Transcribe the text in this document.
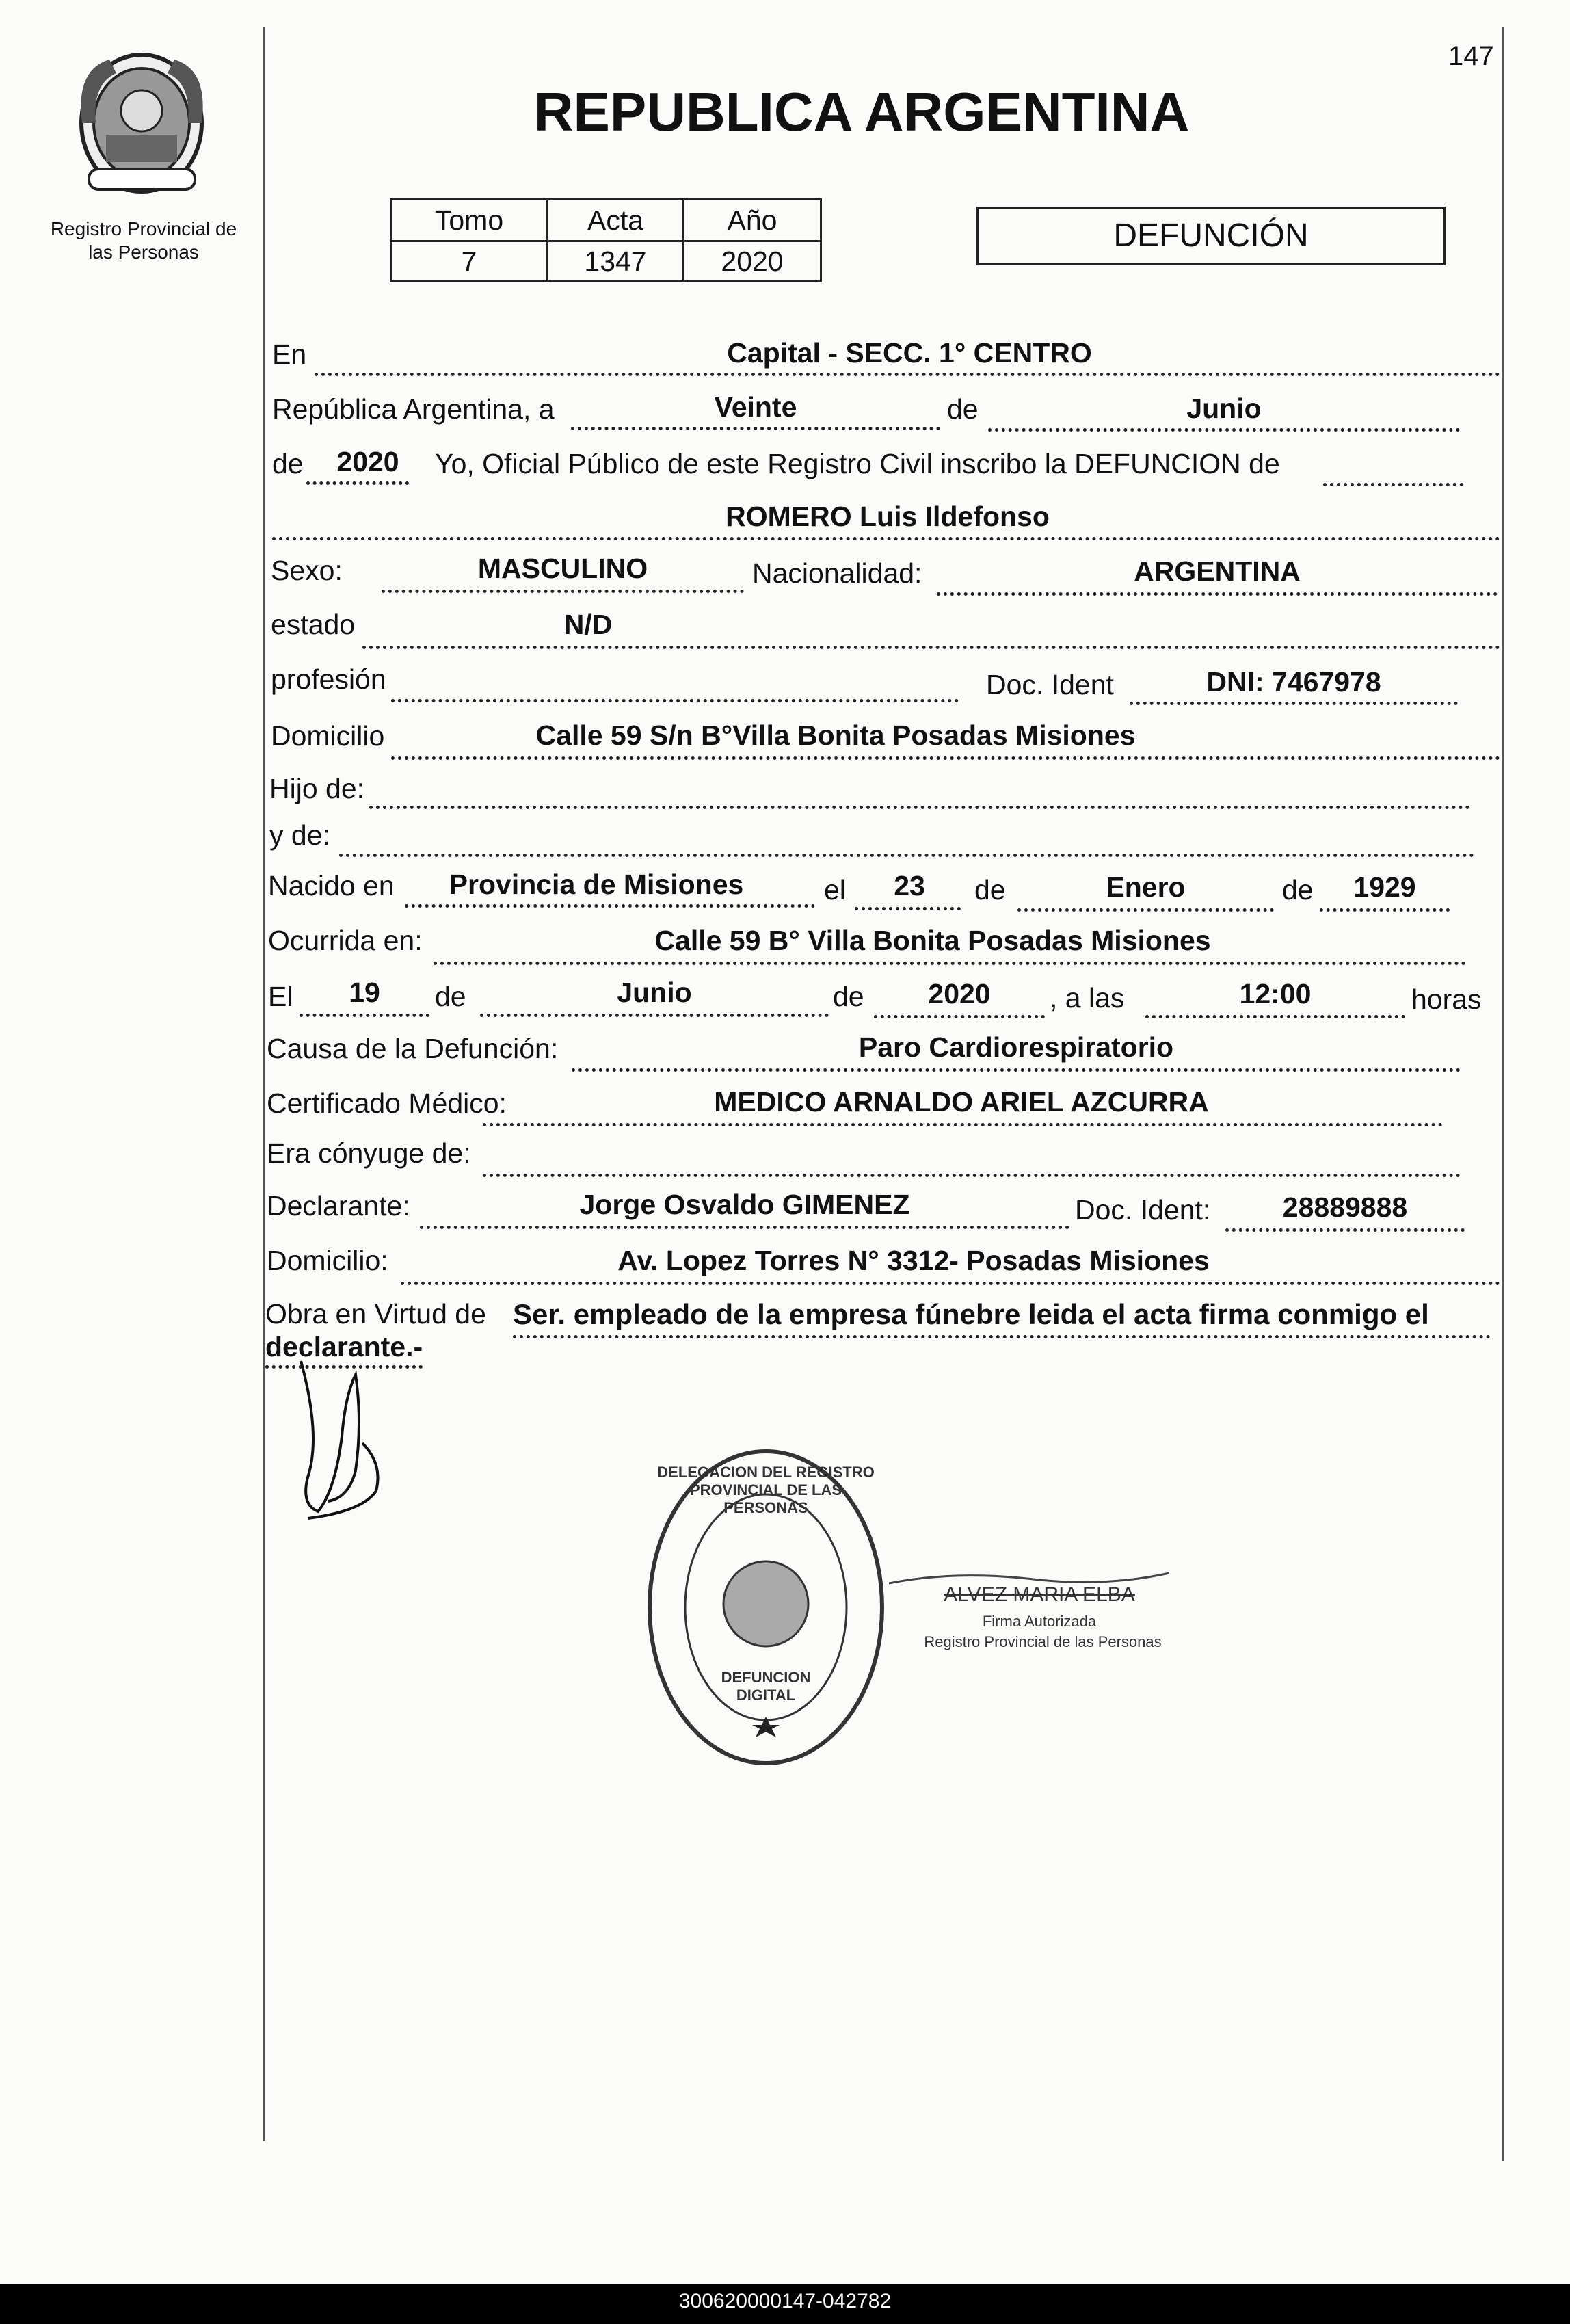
Registro Provincial de
las Personas
147
REPUBLICA ARGENTINA
Tomo	Acta	Año
7	1347	2020
DEFUNCIÓN
En	Capital - SECC. 1° CENTRO
República Argentina, a	Veinte	de	Junio
de	2020	Yo, Oficial Público de este Registro Civil inscribo la DEFUNCION de
ROMERO Luis Ildefonso
Sexo:	MASCULINO	Nacionalidad:	ARGENTINA
estado	N/D
profesión	Doc. Ident	DNI: 7467978
Domicilio	Calle 59 S/n B°Villa Bonita Posadas Misiones
Hijo de:
y de:
Nacido en	Provincia de Misiones	el	23	de	Enero	de	1929
Ocurrida en:	Calle 59 B° Villa Bonita Posadas Misiones
El	19	de	Junio	de	2020	, a las	12:00	horas
Causa de la Defunción:	Paro Cardiorespiratorio
Certificado Médico:	MEDICO ARNALDO ARIEL AZCURRA
Era cónyuge de:
Declarante:	Jorge Osvaldo GIMENEZ	Doc. Ident:	28889888
Domicilio:	Av. Lopez Torres N° 3312- Posadas Misiones
Obra en Virtud de Ser. empleado de la empresa fúnebre leida el acta firma conmigo el
declarante.-
DELEGACION DEL REGISTRO PROVINCIAL DE LAS PERSONAS
DEFUNCION DIGITAL
ALVEZ MARIA ELBA
Firma Autorizada
Registro Provincial de las Personas
300620000147-042782
